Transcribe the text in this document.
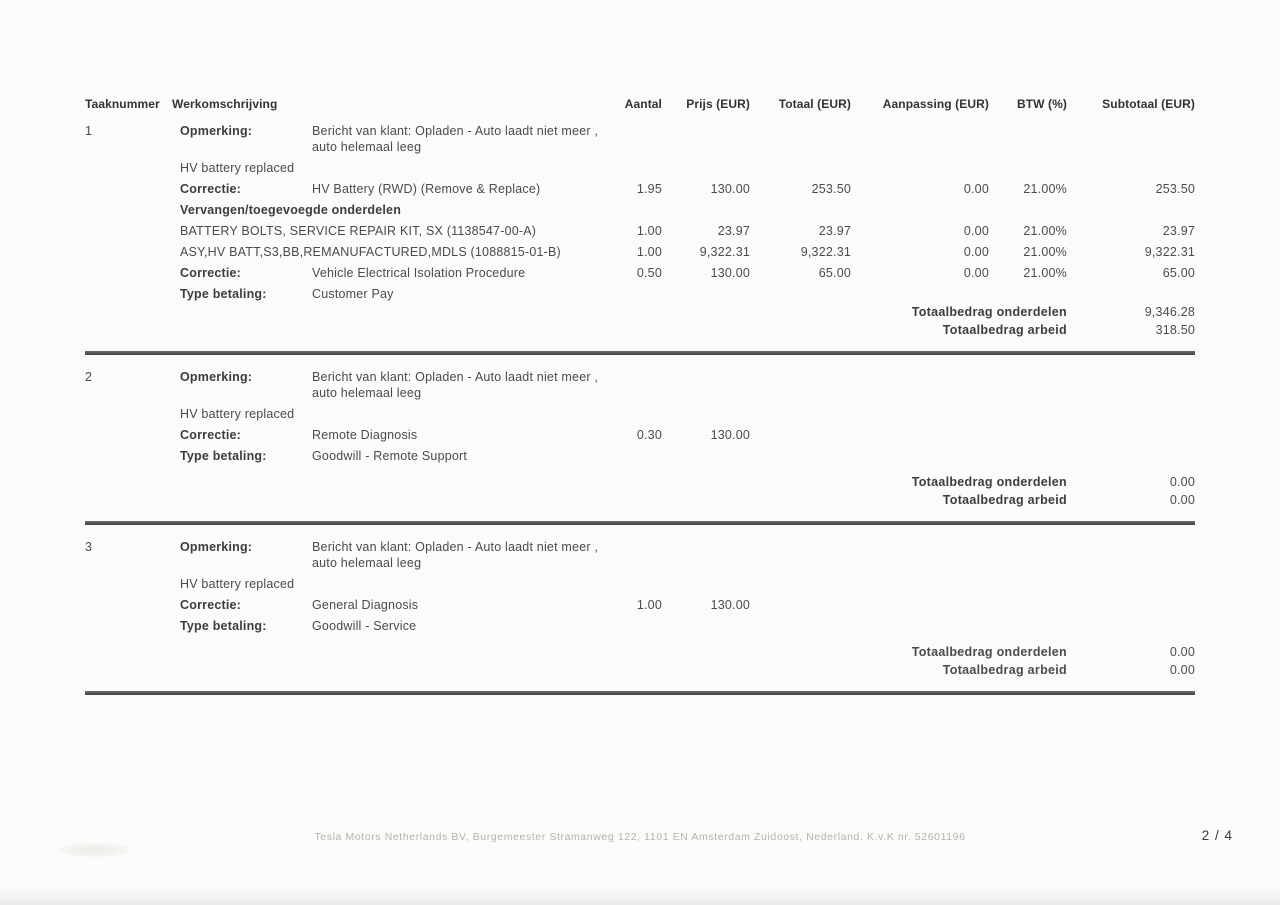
Taaknummer	Werkomschrijving	Aantal	Prijs (EUR)	Totaal (EUR)	Aanpassing (EUR)	BTW (%)	Subtotaal (EUR)
1	Opmerking:	Bericht van klant: Opladen - Auto laadt niet meer , auto helemaal leeg
HV battery replaced
Correctie:	HV Battery (RWD) (Remove & Replace)	1.95	130.00	253.50	0.00	21.00%	253.50
Vervangen/toegevoegde onderdelen
BATTERY BOLTS, SERVICE REPAIR KIT, SX (1138547-00-A)	1.00	23.97	23.97	0.00	21.00%	23.97
ASY,HV BATT,S3,BB,REMANUFACTURED,MDLS (1088815-01-B)	1.00	9,322.31	9,322.31	0.00	21.00%	9,322.31
Correctie:	Vehicle Electrical Isolation Procedure	0.50	130.00	65.00	0.00	21.00%	65.00
Type betaling:	Customer Pay
Totaalbedrag onderdelen	9,346.28
Totaalbedrag arbeid	318.50
2	Opmerking:	Bericht van klant: Opladen - Auto laadt niet meer , auto helemaal leeg
HV battery replaced
Correctie:	Remote Diagnosis	0.30	130.00
Type betaling:	Goodwill - Remote Support
Totaalbedrag onderdelen	0.00
Totaalbedrag arbeid	0.00
3	Opmerking:	Bericht van klant: Opladen - Auto laadt niet meer , auto helemaal leeg
HV battery replaced
Correctie:	General Diagnosis	1.00	130.00
Type betaling:	Goodwill - Service
Totaalbedrag onderdelen	0.00
Totaalbedrag arbeid	0.00
Tesla Motors Netherlands BV, Burgemeester Stramanweg 122, 1101 EN Amsterdam Zuidoost, Nederland. K.v.K nr. 52601196	2 / 4
